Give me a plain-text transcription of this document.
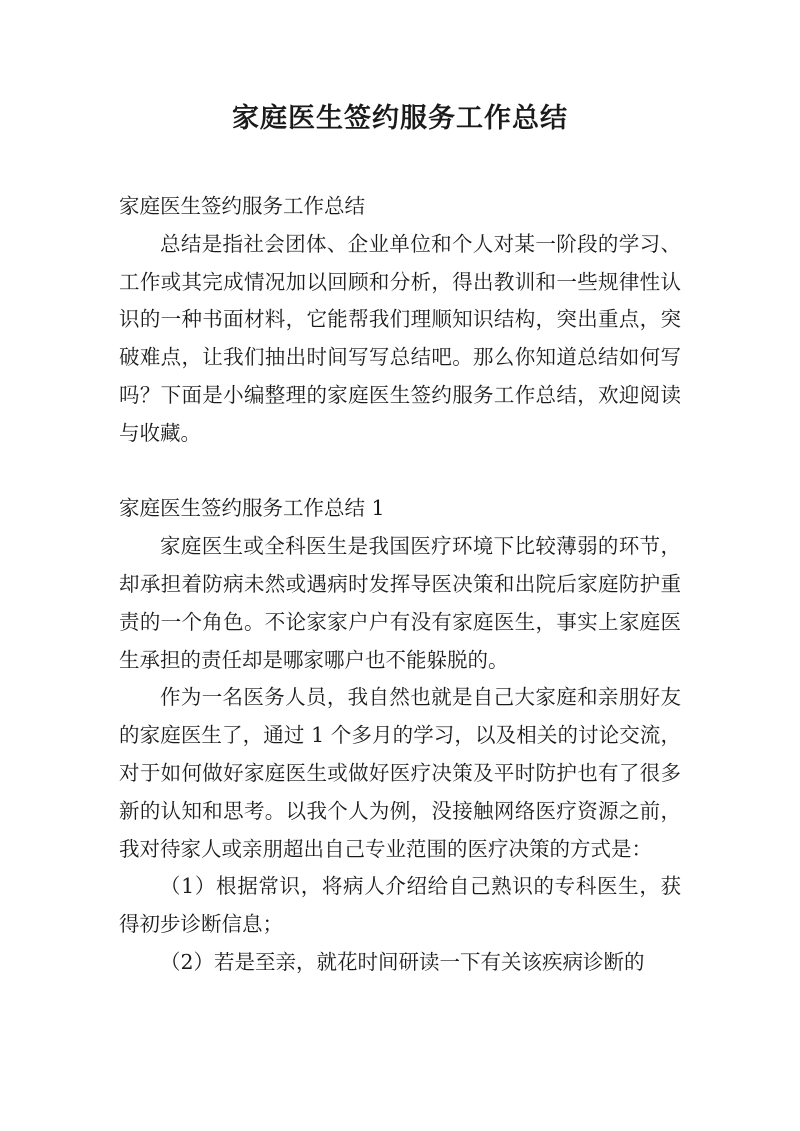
家庭医生签约服务工作总结

家庭医生签约服务工作总结

总结是指社会团体、企业单位和个人对某一阶段的学习、工作或其完成情况加以回顾和分析，得出教训和一些规律性认识的一种书面材料，它能帮我们理顺知识结构，突出重点，突破难点，让我们抽出时间写写总结吧。那么你知道总结如何写吗？下面是小编整理的家庭医生签约服务工作总结，欢迎阅读与收藏。

家庭医生签约服务工作总结 1

家庭医生或全科医生是我国医疗环境下比较薄弱的环节，却承担着防病未然或遇病时发挥导医决策和出院后家庭防护重责的一个角色。不论家家户户有没有家庭医生，事实上家庭医生承担的责任却是哪家哪户也不能躲脱的。

作为一名医务人员，我自然也就是自己大家庭和亲朋好友的家庭医生了，通过 1 个多月的学习，以及相关的讨论交流，对于如何做好家庭医生或做好医疗决策及平时防护也有了很多新的认知和思考。以我个人为例，没接触网络医疗资源之前，我对待家人或亲朋超出自己专业范围的医疗决策的方式是：

（1）根据常识，将病人介绍给自己熟识的专科医生，获得初步诊断信息；

（2）若是至亲，就花时间研读一下有关该疾病诊断的
